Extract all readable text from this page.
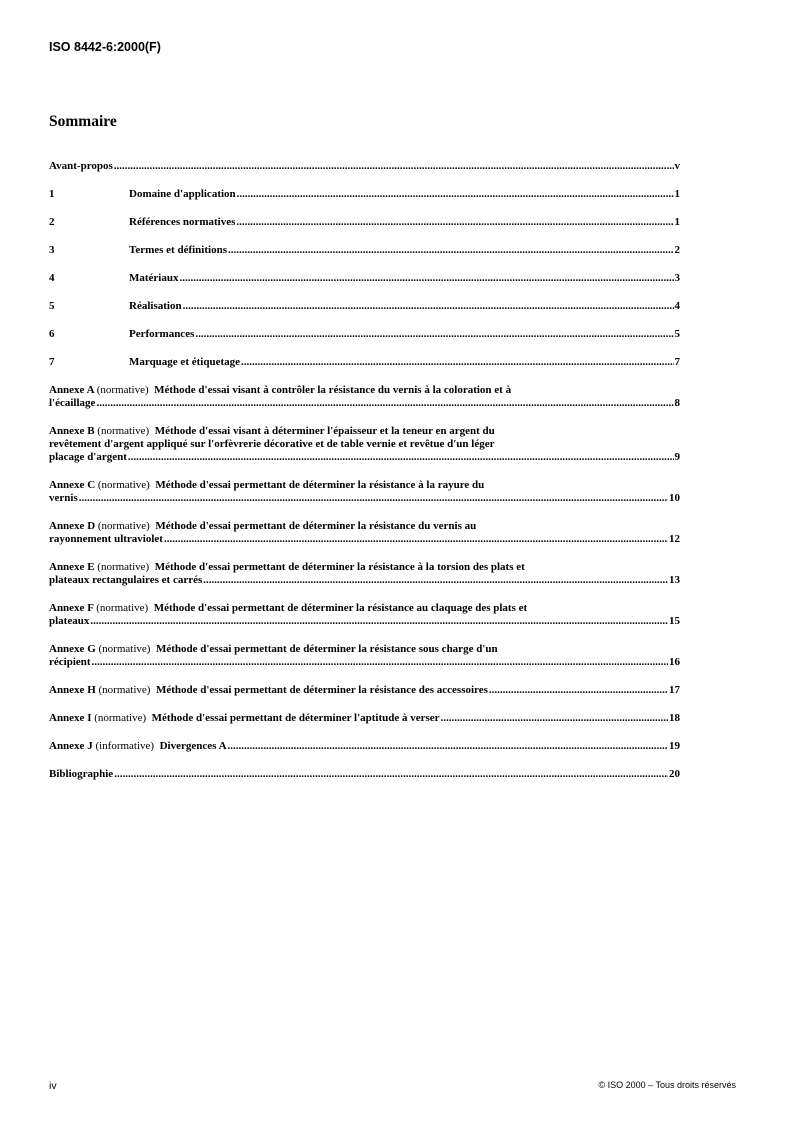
ISO 8442-6:2000(F)
Sommaire
Avant-propos .....	v
1	Domaine d'application .....	1
2	Références normatives .....	1
3	Termes et définitions .....	2
4	Matériaux .....	3
5	Réalisation .....	4
6	Performances .....	5
7	Marquage et étiquetage .....	7
Annexe A (normative) Méthode d'essai visant à contrôler la résistance du vernis à la coloration et à
l'écaillage .....	8
Annexe B (normative) Méthode d'essai visant à déterminer l'épaisseur et la teneur en argent du
revêtement d'argent appliqué sur l'orfèvrerie décorative et de table vernie et revêtue d'un léger
placage d'argent .....	9
Annexe C (normative) Méthode d'essai permettant de déterminer la résistance à la rayure du
vernis .....	10
Annexe D (normative) Méthode d'essai permettant de déterminer la résistance du vernis au
rayonnement ultraviolet .....	12
Annexe E (normative) Méthode d'essai permettant de déterminer la résistance à la torsion des plats et
plateaux rectangulaires et carrés .....	13
Annexe F (normative) Méthode d'essai permettant de déterminer la résistance au claquage des plats et
plateaux .....	15
Annexe G (normative) Méthode d'essai permettant de déterminer la résistance sous charge d'un
récipient .....	16
Annexe H (normative) Méthode d'essai permettant de déterminer la résistance des accessoires .....	17
Annexe I (normative) Méthode d'essai permettant de déterminer l'aptitude à verser .....	18
Annexe J (informative) Divergences A .....	19
Bibliographie .....	20
iv	© ISO 2000 – Tous droits réservés
